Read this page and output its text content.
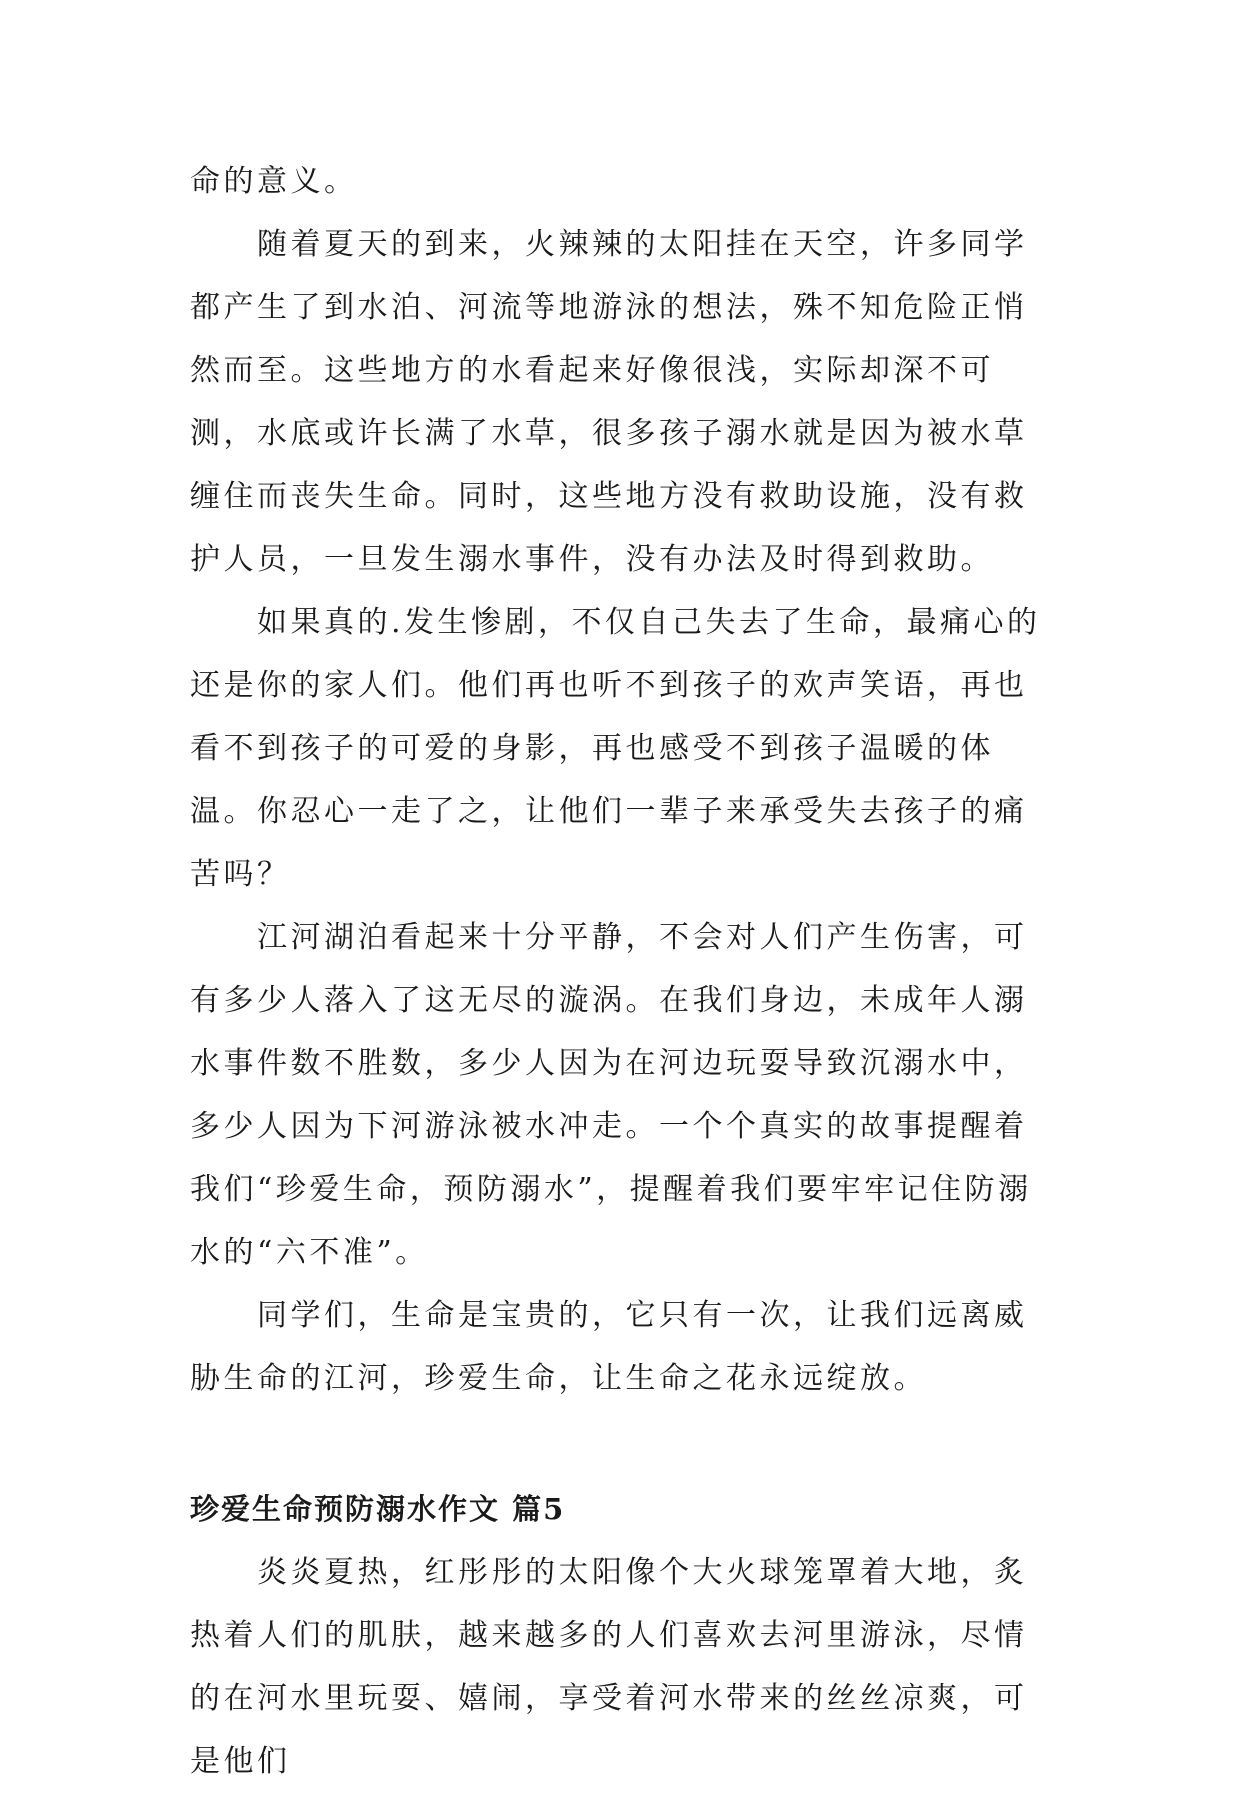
命的意义。

随着夏天的到来，火辣辣的太阳挂在天空，许多同学都产生了到水泊、河流等地游泳的想法，殊不知危险正悄然而至。这些地方的水看起来好像很浅，实际却深不可测，水底或许长满了水草，很多孩子溺水就是因为被水草缠住而丧失生命。同时，这些地方没有救助设施，没有救护人员，一旦发生溺水事件，没有办法及时得到救助。

如果真的.发生惨剧，不仅自己失去了生命，最痛心的还是你的家人们。他们再也听不到孩子的欢声笑语，再也看不到孩子的可爱的身影，再也感受不到孩子温暖的体温。你忍心一走了之，让他们一辈子来承受失去孩子的痛苦吗？

江河湖泊看起来十分平静，不会对人们产生伤害，可有多少人落入了这无尽的漩涡。在我们身边，未成年人溺水事件数不胜数，多少人因为在河边玩耍导致沉溺水中，多少人因为下河游泳被水冲走。一个个真实的故事提醒着我们“珍爱生命，预防溺水”，提醒着我们要牢牢记住防溺水的“六不准”。

同学们，生命是宝贵的，它只有一次，让我们远离威胁生命的江河，珍爱生命，让生命之花永远绽放。

珍爱生命预防溺水作文 篇5

炎炎夏热，红彤彤的太阳像个大火球笼罩着大地，炙热着人们的肌肤，越来越多的人们喜欢去河里游泳，尽情的在河水里玩耍、嬉闹，享受着河水带来的丝丝凉爽，可是他们
